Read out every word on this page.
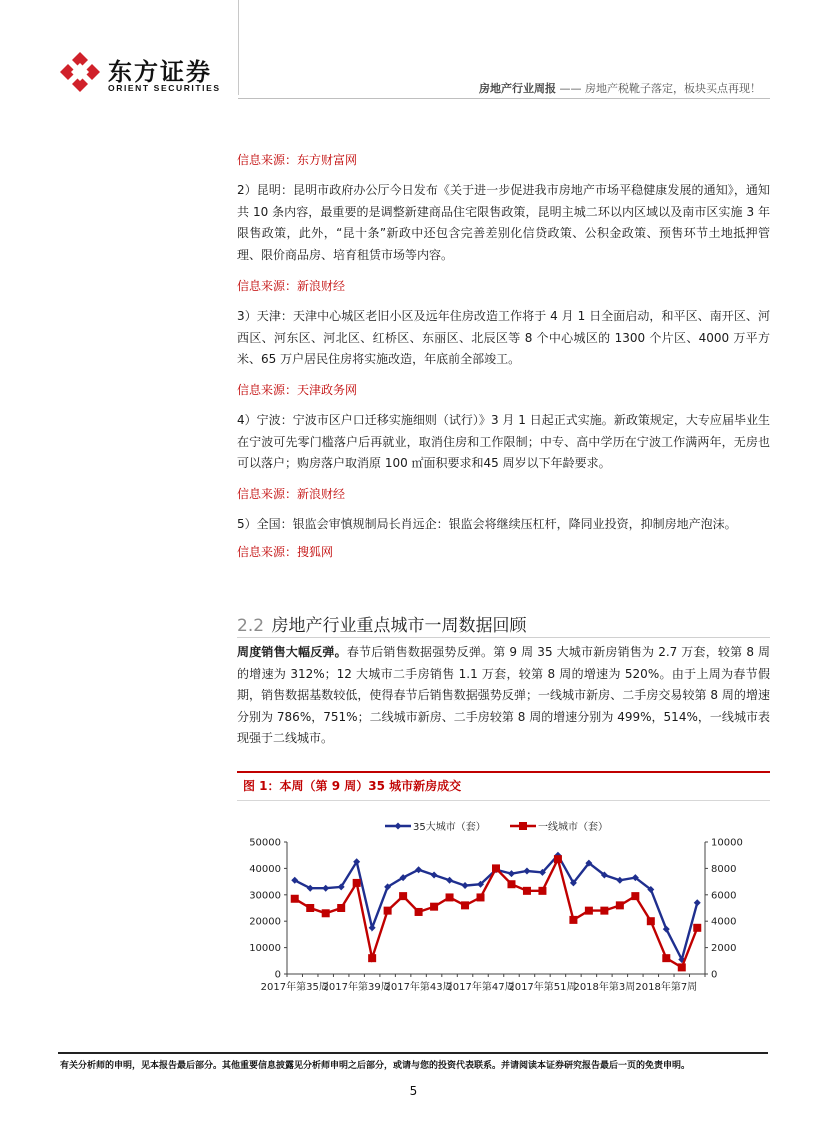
东方证券
ORIENT SECURITIES	房地产行业周报 —— 房地产税靴子落定，板块买点再现！
信息来源：东方财富网
2）昆明：昆明市政府办公厅今日发布《关于进一步促进我市房地产市场平稳健康发展的通知》，通知共 10 条内容，最重要的是调整新建商品住宅限售政策，昆明主城二环以内区域以及南市区实施 3 年限售政策，此外，“昆十条”新政中还包含完善差别化信贷政策、公积金政策、预售环节土地抵押管理、限价商品房、培育租赁市场等内容。
信息来源：新浪财经
3）天津：天津中心城区老旧小区及远年住房改造工作将于 4 月 1 日全面启动，和平区、南开区、河西区、河东区、河北区、红桥区、东丽区、北辰区等 8 个中心城区的 1300 个片区、4000 万平方米、65 万户居民住房将实施改造，年底前全部竣工。
信息来源：天津政务网
4）宁波：宁波市区户口迁移实施细则（试行）》3 月 1 日起正式实施。新政策规定，大专应届毕业生在宁波可先零门槛落户后再就业，取消住房和工作限制；中专、高中学历在宁波工作满两年，无房也可以落户；购房落户取消原 100 ㎡面积要求和45 周岁以下年龄要求。
信息来源：新浪财经
5）全国：银监会审慎规制局长肖远企：银监会将继续压杠杆，降同业投资，抑制房地产泡沫。
信息来源：搜狐网
2.2 房地产行业重点城市一周数据回顾
周度销售大幅反弹。春节后销售数据强势反弹。第 9 周 35 大城市新房销售为 2.7 万套，较第 8 周的增速为 312%；12 大城市二手房销售 1.1 万套，较第 8 周的增速为 520%。由于上周为春节假期，销售数据基数较低，使得春节后销售数据强势反弹；一线城市新房、二手房交易较第 8 周的增速分别为 786%，751%；二线城市新房、二手房较第 8 周的增速分别为 499%，514%，一线城市表现强于二线城市。
图 1：本周（第 9 周）35 城市新房成交
0
10000
20000
30000
40000
50000
0
2000
4000
6000
8000
10000
2017年第35周
2017年第39周
2017年第43周
2017年第47周
2017年第51周
2018年第3周 2018年第7周
35大城市（套）	一线城市（套）
有关分析师的申明，见本报告最后部分。其他重要信息披露见分析师申明之后部分，或请与您的投资代表联系。并请阅读本证券研究报告最后一页的免责申明。
5
